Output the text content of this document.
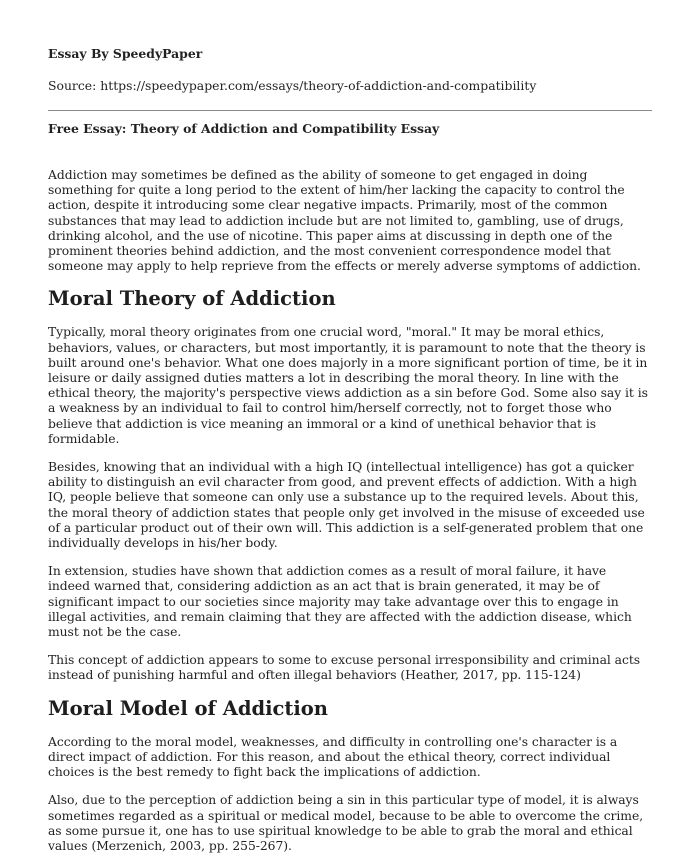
Essay By SpeedyPaper
Source: https://speedypaper.com/essays/theory-of-addiction-and-compatibility
Free Essay: Theory of Addiction and Compatibility Essay

Addiction may sometimes be defined as the ability of someone to get engaged in doing something for quite a long period to the extent of him/her lacking the capacity to control the action, despite it introducing some clear negative impacts. Primarily, most of the common substances that may lead to addiction include but are not limited to, gambling, use of drugs, drinking alcohol, and the use of nicotine. This paper aims at discussing in depth one of the prominent theories behind addiction, and the most convenient correspondence model that someone may apply to help reprieve from the effects or merely adverse symptoms of addiction.

Moral Theory of Addiction

Typically, moral theory originates from one crucial word, "moral." It may be moral ethics, behaviors, values, or characters, but most importantly, it is paramount to note that the theory is built around one's behavior. What one does majorly in a more significant portion of time, be it in leisure or daily assigned duties matters a lot in describing the moral theory. In line with the ethical theory, the majority's perspective views addiction as a sin before God. Some also say it is a weakness by an individual to fail to control him/herself correctly, not to forget those who believe that addiction is vice meaning an immoral or a kind of unethical behavior that is formidable.

Besides, knowing that an individual with a high IQ (intellectual intelligence) has got a quicker ability to distinguish an evil character from good, and prevent effects of addiction. With a high IQ, people believe that someone can only use a substance up to the required levels. About this, the moral theory of addiction states that people only get involved in the misuse of exceeded use of a particular product out of their own will. This addiction is a self-generated problem that one individually develops in his/her body.

In extension, studies have shown that addiction comes as a result of moral failure, it have indeed warned that, considering addiction as an act that is brain generated, it may be of significant impact to our societies since majority may take advantage over this to engage in illegal activities, and remain claiming that they are affected with the addiction disease, which must not be the case.

This concept of addiction appears to some to excuse personal irresponsibility and criminal acts instead of punishing harmful and often illegal behaviors (Heather, 2017, pp. 115-124)

Moral Model of Addiction

According to the moral model, weaknesses, and difficulty in controlling one's character is a direct impact of addiction. For this reason, and about the ethical theory, correct individual choices is the best remedy to fight back the implications of addiction.

Also, due to the perception of addiction being a sin in this particular type of model, it is always sometimes regarded as a spiritual or medical model, because to be able to overcome the crime, as some pursue it, one has to use spiritual knowledge to be able to grab the moral and ethical values (Merzenich, 2003, pp. 255-267).
